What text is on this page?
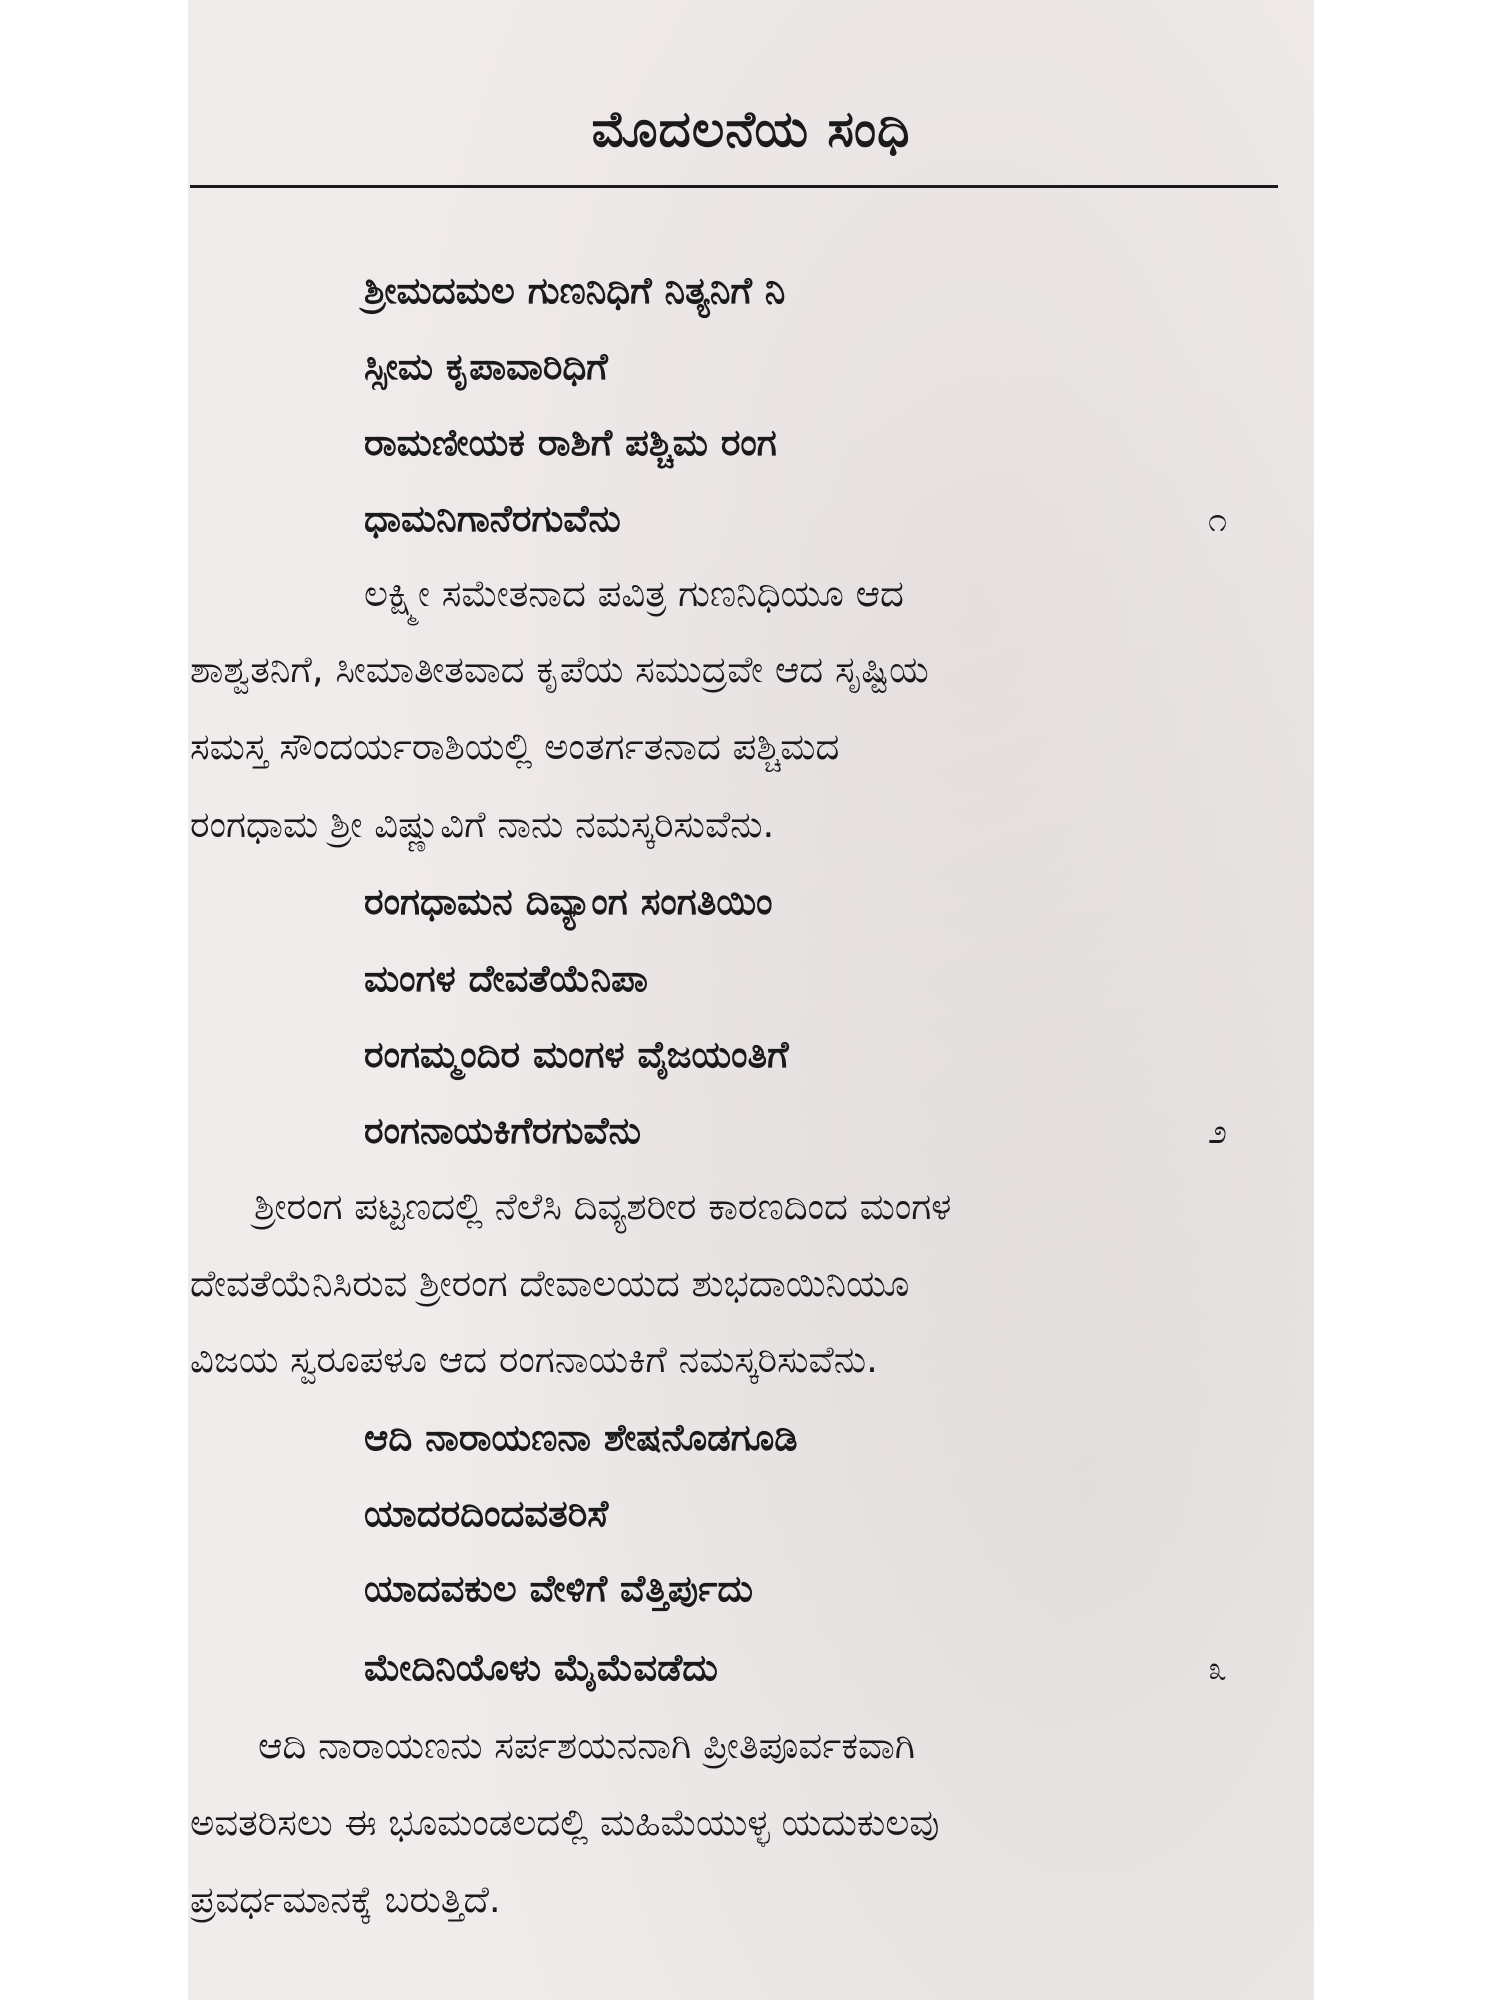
ಮೊದಲನೆಯ ಸಂಧಿ
ಶ್ರೀಮದಮಲ ಗುಣನಿಧಿಗೆ ನಿತ್ಯನಿಗೆ ನಿ
ಸ್ಸೀಮ ಕೃಪಾವಾರಿಧಿಗೆ
ರಾಮಣೀಯಕ ರಾಶಿಗೆ ಪಶ್ಚಿಮ ರಂಗ
ಧಾಮನಿಗಾನೆರಗುವೆನು	೧
ಲಕ್ಷ್ಮೀ ಸಮೇತನಾದ ಪವಿತ್ರ ಗುಣನಿಧಿಯೂ ಆದ
ಶಾಶ್ವತನಿಗೆ, ಸೀಮಾತೀತವಾದ ಕೃಪೆಯ ಸಮುದ್ರವೇ ಆದ ಸೃಷ್ಟಿಯ
ಸಮಸ್ತ ಸೌಂದರ್ಯರಾಶಿಯಲ್ಲಿ ಅಂತರ್ಗತನಾದ ಪಶ್ಚಿಮದ
ರಂಗಧಾಮ ಶ್ರೀ ವಿಷ್ಣುವಿಗೆ ನಾನು ನಮಸ್ಕರಿಸುವೆನು.
ರಂಗಧಾಮನ ದಿವ್ಯಾಂಗ ಸಂಗತಿಯಿಂ
ಮಂಗಳ ದೇವತೆಯೆನಿಪಾ
ರಂಗಮ್ಮಂದಿರ ಮಂಗಳ ವೈಜಯಂತಿಗೆ
ರಂಗನಾಯಕಿಗೆರಗುವೆನು	೨
ಶ್ರೀರಂಗ ಪಟ್ಟಣದಲ್ಲಿ ನೆಲೆಸಿ ದಿವ್ಯಶರೀರ ಕಾರಣದಿಂದ ಮಂಗಳ
ದೇವತೆಯೆನಿಸಿರುವ ಶ್ರೀರಂಗ ದೇವಾಲಯದ ಶುಭದಾಯಿನಿಯೂ
ವಿಜಯ ಸ್ವರೂಪಳೂ ಆದ ರಂಗನಾಯಕಿಗೆ ನಮಸ್ಕರಿಸುವೆನು.
ಆದಿ ನಾರಾಯಣನಾ ಶೇಷನೊಡಗೂಡಿ
ಯಾದರದಿಂದವತರಿಸೆ
ಯಾದವಕುಲ ವೇಳಿಗೆ ವೆತ್ತಿರ್ಪುದು
ಮೇದಿನಿಯೊಳು ಮೈಮೆವಡೆದು	೩
ಆದಿ ನಾರಾಯಣನು ಸರ್ಪಶಯನನಾಗಿ ಪ್ರೀತಿಪೂರ್ವಕವಾಗಿ
ಅವತರಿಸಲು ಈ ಭೂಮಂಡಲದಲ್ಲಿ ಮಹಿಮೆಯುಳ್ಳ ಯದುಕುಲವು
ಪ್ರವರ್ಧಮಾನಕ್ಕೆ ಬರುತ್ತಿದೆ.
